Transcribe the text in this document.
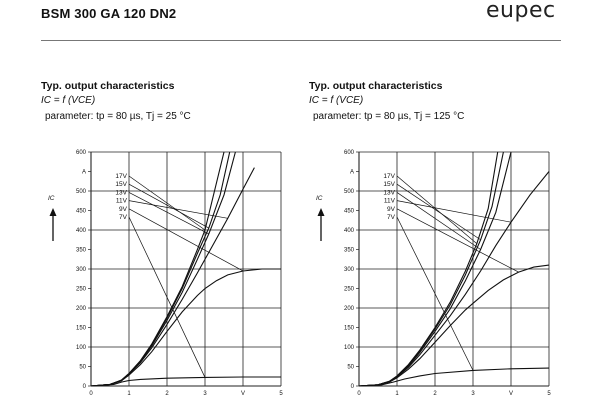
BSM 300 GA 120 DN2	eupec
Typ. output characteristics
IC = f (VCE)
parameter: tp = 80 µs, Tj = 25 °C
0
50
100
150
200
250
300
350
400
450
500
A
600
0	1	2	3	V	5
IC
17V
15V
13V
11V
9V
7V
Typ. output characteristics
IC = f (VCE)
parameter: tp = 80 µs, Tj = 125 °C
0
50
100
150
200
250
300
350
400
450
500
A
600
0	1	2	3	V	5
IC
17V
15V
13V
11V
9V
7V
